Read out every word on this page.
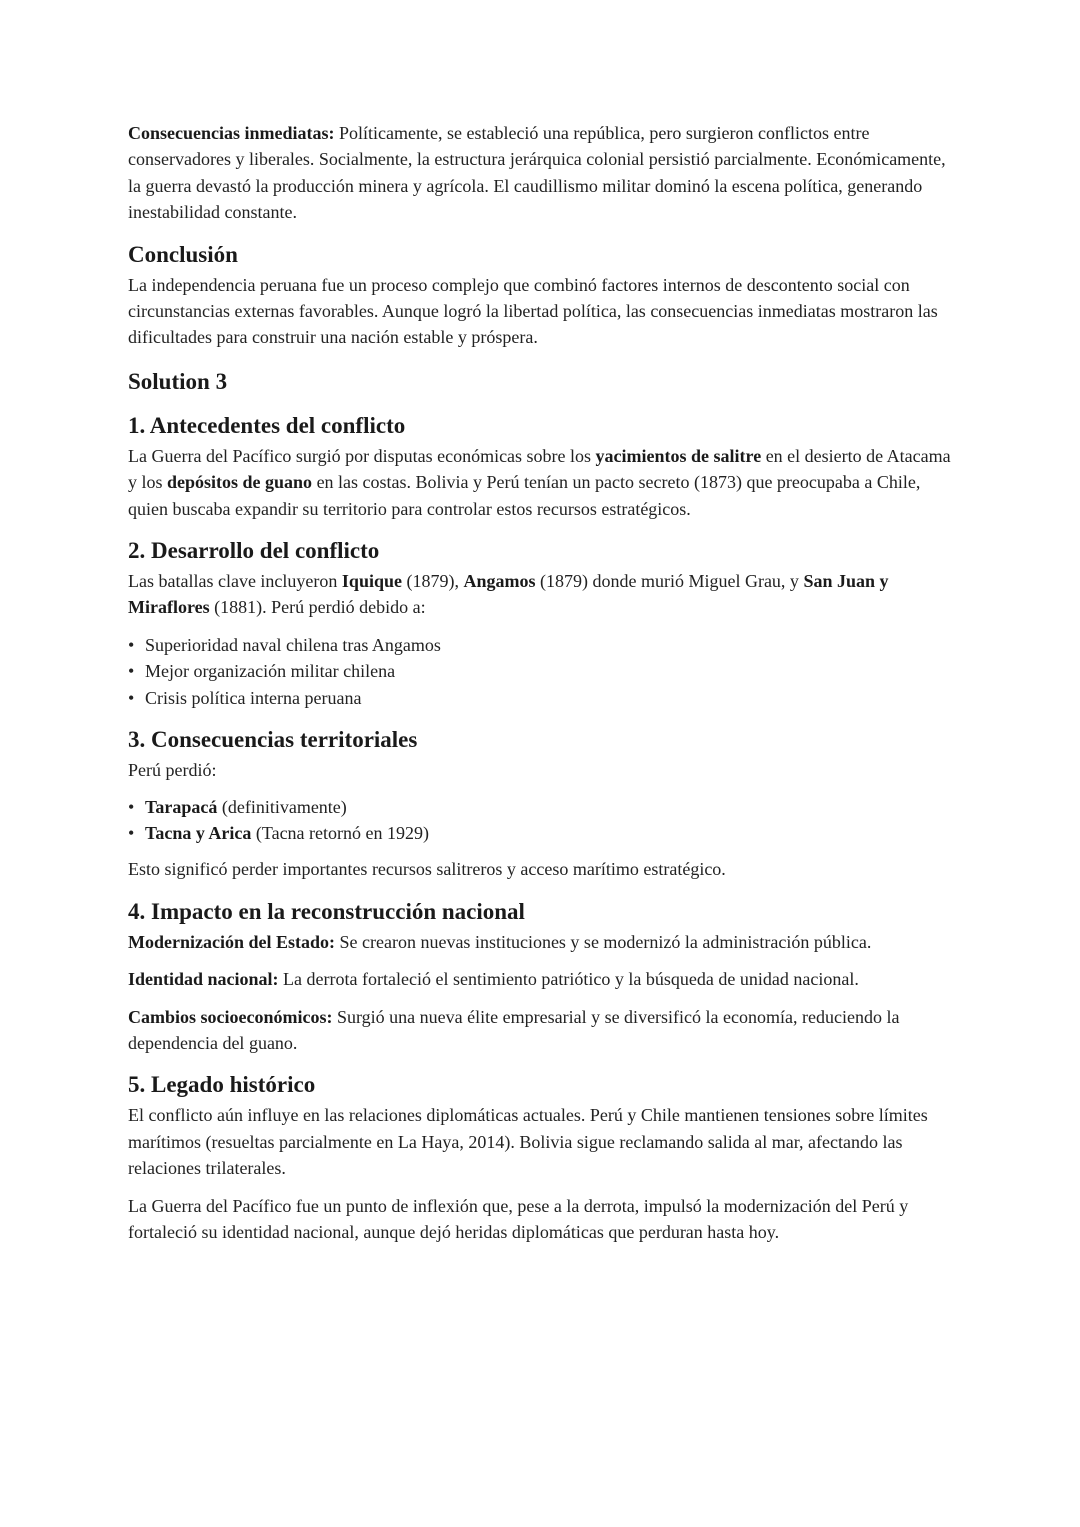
Consecuencias inmediatas: Políticamente, se estableció una república, pero surgieron conflictos entre conservadores y liberales. Socialmente, la estructura jerárquica colonial persistió parcialmente. Económicamente, la guerra devastó la producción minera y agrícola. El caudillismo militar dominó la escena política, generando inestabilidad constante.

Conclusión

La independencia peruana fue un proceso complejo que combinó factores internos de descontento social con circunstancias externas favorables. Aunque logró la libertad política, las consecuencias inmediatas mostraron las dificultades para construir una nación estable y próspera.

Solution 3
1. Antecedentes del conflicto

La Guerra del Pacífico surgió por disputas económicas sobre los yacimientos de salitre en el desierto de Atacama y los depósitos de guano en las costas. Bolivia y Perú tenían un pacto secreto (1873) que preocupaba a Chile, quien buscaba expandir su territorio para controlar estos recursos estratégicos.

2. Desarrollo del conflicto

Las batallas clave incluyeron Iquique (1879), Angamos (1879) donde murió Miguel Grau, y San Juan y Miraflores (1881). Perú perdió debido a:

• Superioridad naval chilena tras Angamos
• Mejor organización militar chilena
• Crisis política interna peruana
3. Consecuencias territoriales

Perú perdió:

• Tarapacá (definitivamente)
• Tacna y Arica (Tacna retornó en 1929)

Esto significó perder importantes recursos salitreros y acceso marítimo estratégico.

4. Impacto en la reconstrucción nacional

Modernización del Estado: Se crearon nuevas instituciones y se modernizó la administración pública.

Identidad nacional: La derrota fortaleció el sentimiento patriótico y la búsqueda de unidad nacional.

Cambios socioeconómicos: Surgió una nueva élite empresarial y se diversificó la economía, reduciendo la dependencia del guano.

5. Legado histórico

El conflicto aún influye en las relaciones diplomáticas actuales. Perú y Chile mantienen tensiones sobre límites marítimos (resueltas parcialmente en La Haya, 2014). Bolivia sigue reclamando salida al mar, afectando las relaciones trilaterales.

La Guerra del Pacífico fue un punto de inflexión que, pese a la derrota, impulsó la modernización del Perú y fortaleció su identidad nacional, aunque dejó heridas diplomáticas que perduran hasta hoy.
